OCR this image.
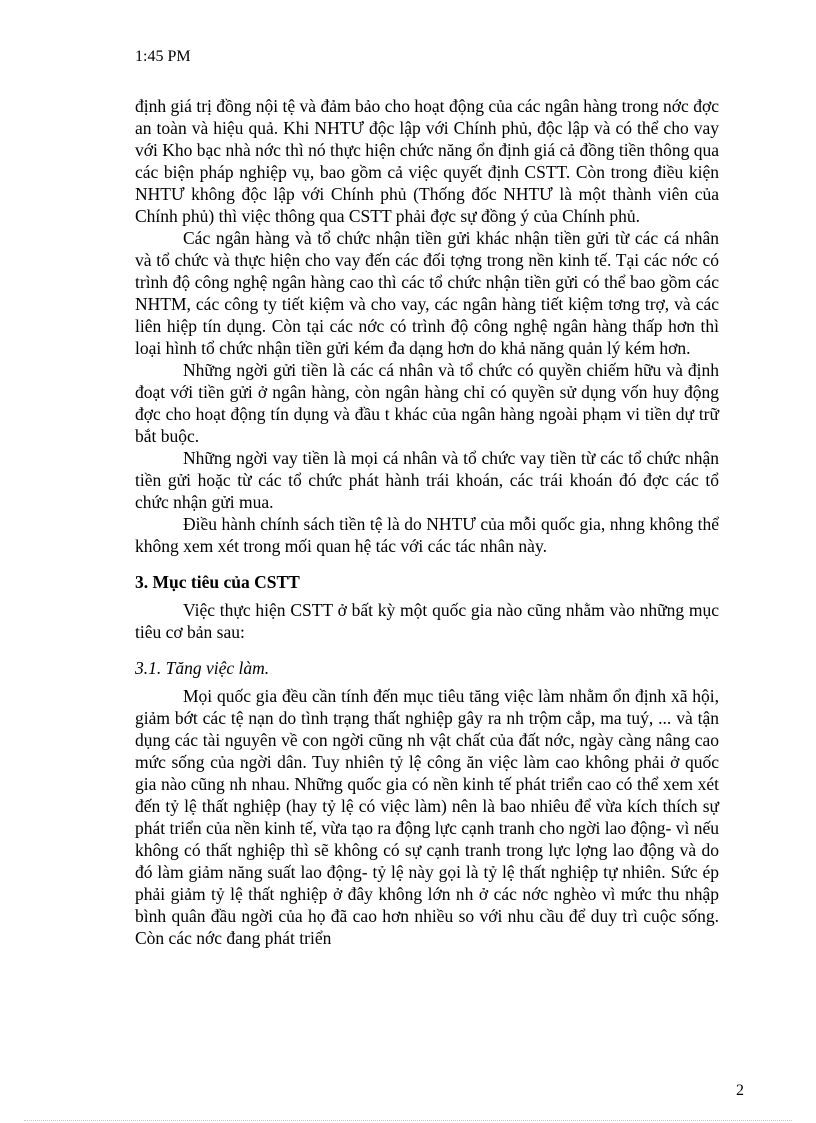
1:45 PM

định giá trị đồng nội tệ và đảm bảo cho hoạt động của các ngân hàng trong nớc đợc an toàn và hiệu quả. Khi NHTƯ độc lập với Chính phủ, độc lập và có thể cho vay với Kho bạc nhà nớc thì nó thực hiện chức năng ổn định giá cả đồng tiền thông qua các biện pháp nghiệp vụ, bao gồm cả việc quyết định CSTT. Còn trong điều kiện NHTƯ không độc lập với Chính phủ (Thống đốc NHTƯ là một thành viên của Chính phủ) thì việc thông qua CSTT phải đợc sự đồng ý của Chính phủ.

Các ngân hàng và tổ chức nhận tiền gửi khác nhận tiền gửi từ các cá nhân và tổ chức và thực hiện cho vay đến các đối tợng trong nền kinh tế. Tại các nớc có trình độ công nghệ ngân hàng cao thì các tổ chức nhận tiền gửi có thể bao gồm các NHTM, các công ty tiết kiệm và cho vay, các ngân hàng tiết kiệm tơng trợ, và các liên hiệp tín dụng. Còn tại các nớc có trình độ công nghệ ngân hàng thấp hơn thì loại hình tổ chức nhận tiền gửi kém đa dạng hơn do khả năng quản lý kém hơn.

Những ngời gửi tiền là các cá nhân và tổ chức có quyền chiếm hữu và định đoạt với tiền gửi ở ngân hàng, còn ngân hàng chỉ có quyền sử dụng vốn huy động đợc cho hoạt động tín dụng và đầu t khác của ngân hàng ngoài phạm vi tiền dự trữ bắt buộc.

Những ngời vay tiền là mọi cá nhân và tổ chức vay tiền từ các tổ chức nhận tiền gửi hoặc từ các tổ chức phát hành trái khoán, các trái khoán đó đợc các tổ chức nhận gửi mua.

Điều hành chính sách tiền tệ là do NHTƯ của mỗi quốc gia, nhng không thể không xem xét trong mối quan hệ tác với các tác nhân này.

3. Mục tiêu của CSTT

Việc thực hiện CSTT ở bất kỳ một quốc gia nào cũng nhằm vào những mục tiêu cơ bản sau:

3.1. Tăng việc làm.

Mọi quốc gia đều cần tính đến mục tiêu tăng việc làm nhằm ổn định xã hội, giảm bớt các tệ nạn do tình trạng thất nghiệp gây ra nh trộm cắp, ma tuý, ... và tận dụng các tài nguyên về con ngời cũng nh vật chất của đất nớc, ngày càng nâng cao mức sống của ngời dân. Tuy nhiên tỷ lệ công ăn việc làm cao không phải ở quốc gia nào cũng nh nhau. Những quốc gia có nền kinh tế phát triển cao có thể xem xét đến tỷ lệ thất nghiệp (hay tỷ lệ có việc làm) nên là bao nhiêu để vừa kích thích sự phát triển của nền kinh tế, vừa tạo ra động lực cạnh tranh cho ngời lao động- vì nếu không có thất nghiệp thì sẽ không có sự cạnh tranh trong lực lợng lao động và do đó làm giảm năng suất lao động- tỷ lệ này gọi là tỷ lệ thất nghiệp tự nhiên. Sức ép phải giảm tỷ lệ thất nghiệp ở đây không lớn nh ở các nớc nghèo vì mức thu nhập bình quân đầu ngời của họ đã cao hơn nhiều so với nhu cầu để duy trì cuộc sống. Còn các nớc đang phát triển

2
